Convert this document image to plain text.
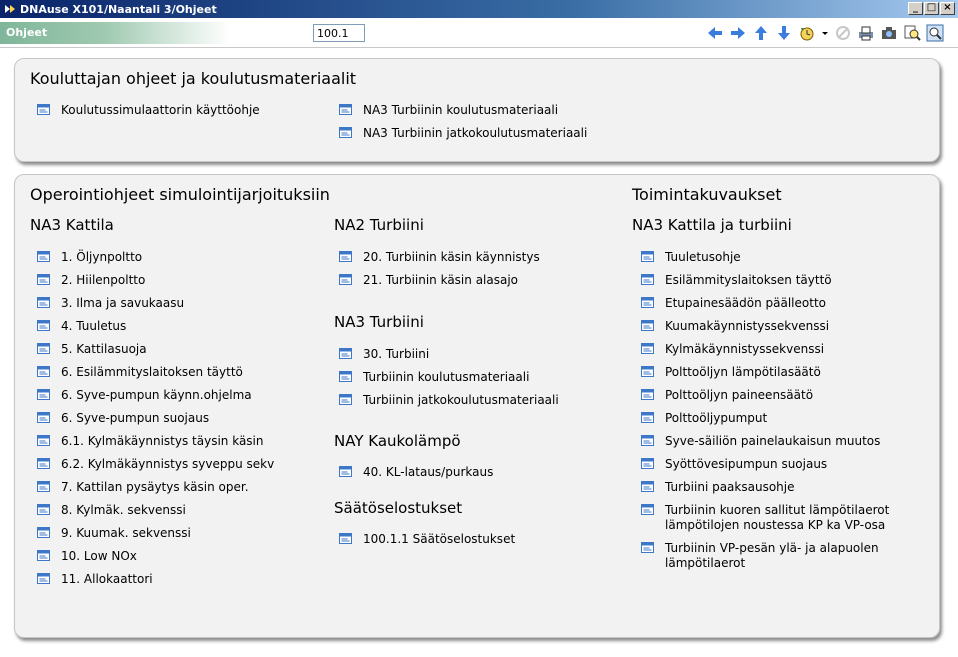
DNAuse X101/Naantali 3/Ohjeet	_ □ ×
Ohjeet
100.1
Kouluttajan ohjeet ja koulutusmateriaalit
Koulutussimulaattorin käyttöohje	NA3 Turbiinin koulutusmateriaali
NA3 Turbiinin jatkokoulutusmateriaali
Operointiohjeet simulointijarjoituksiin
NA3 Kattila
1. Öljynpoltto
2. Hiilenpoltto
3. Ilma ja savukaasu
4. Tuuletus
5. Kattilasuoja
6. Esilämmityslaitoksen täyttö
6. Syve-pumpun käynn.ohjelma
6. Syve-pumpun suojaus
6.1. Kylmäkäynnistys täysin käsin
6.2. Kylmäkäynnistys syveppu sekv
7. Kattilan pysäytys käsin oper.
8. Kylmäk. sekvenssi
9. Kuumak. sekvenssi
10. Low NOx
11. Allokaattori
NA2 Turbiini
20. Turbiinin käsin käynnistys
21. Turbiinin käsin alasajo
NA3 Turbiini
30. Turbiini
Turbiinin koulutusmateriaali
Turbiinin jatkokoulutusmateriaali
NAY Kaukolämpö
40. KL-lataus/purkaus
Säätöselostukset
100.1.1 Säätöselostukset
Toimintakuvaukset
NA3 Kattila ja turbiini
Tuuletusohje
Esilämmityslaitoksen täyttö
Etupainesäädön päälleotto
Kuumakäynnistyssekvenssi
Kylmäkäynnistyssekvenssi
Polttoöljyn lämpötilasäätö
Polttoöljyn paineensäätö
Polttoöljypumput
Syve-säiliön painelaukaisun muutos
Syöttövesipumpun suojaus
Turbiini paaksausohje
Turbiinin kuoren sallitut lämpötilaerot
lämpötilojen noustessa KP ka VP-osa
Turbiinin VP-pesän ylä- ja alapuolen
lämpötilaerot
